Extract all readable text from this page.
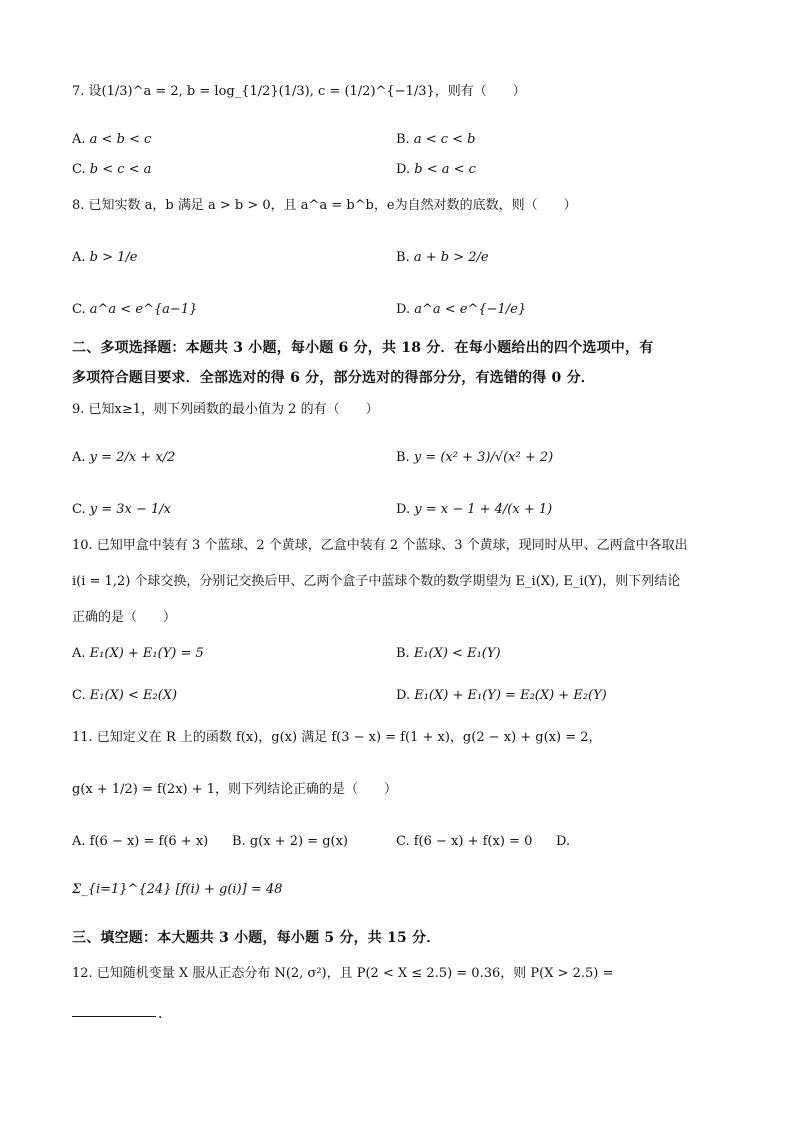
7. 设(1/3)^a = 2, b = log_{1/2}(1/3), c = (1/2)^{−1/3}，则有（　　）
A. a < b < c	B. a < c < b
C. b < c < a	D. b < a < c
8. 已知实数 a，b 满足 a > b > 0，且 a^a = b^b，e为自然对数的底数，则（　　）
A. b > 1/e	B. a + b > 2/e
C. a^a < e^{a−1}	D. a^a < e^{−1/e}
二、多项选择题：本题共 3 小题，每小题 6 分，共 18 分．在每小题给出的四个选项中，有
多项符合题目要求．全部选对的得 6 分，部分选对的得部分分，有选错的得 0 分．
9. 已知x≥1，则下列函数的最小值为 2 的有（　　）
A. y = 2/x + x/2	B. y = (x² + 3)/√(x² + 2)
C. y = 3x − 1/x	D. y = x − 1 + 4/(x + 1)
10. 已知甲盒中装有 3 个蓝球、2 个黄球，乙盒中装有 2 个蓝球、3 个黄球，现同时从甲、乙两盒中各取出
i(i = 1,2) 个球交换，分别记交换后甲、乙两个盒子中蓝球个数的数学期望为 E_i(X), E_i(Y)，则下列结论
正确的是（　　）
A. E₁(X) + E₁(Y) = 5	B. E₁(X) < E₁(Y)
C. E₁(X) < E₂(X)	D. E₁(X) + E₁(Y) = E₂(X) + E₂(Y)
11. 已知定义在 R 上的函数 f(x)，g(x) 满足 f(3 − x) = f(1 + x)，g(2 − x) + g(x) = 2，
g(x + 1/2) = f(2x) + 1，则下列结论正确的是（　　）
A. f(6 − x) = f(6 + x) B. g(x + 2) = g(x)	C. f(6 − x) + f(x) = 0 D.
Σ_{i=1}^{24} [f(i) + g(i)] = 48
三、填空题：本大题共 3 小题，每小题 5 分，共 15 分．
12. 已知随机变量 X 服从正态分布 N(2, σ²)，且 P(2 < X ≤ 2.5) = 0.36，则 P(X > 2.5) =
．
